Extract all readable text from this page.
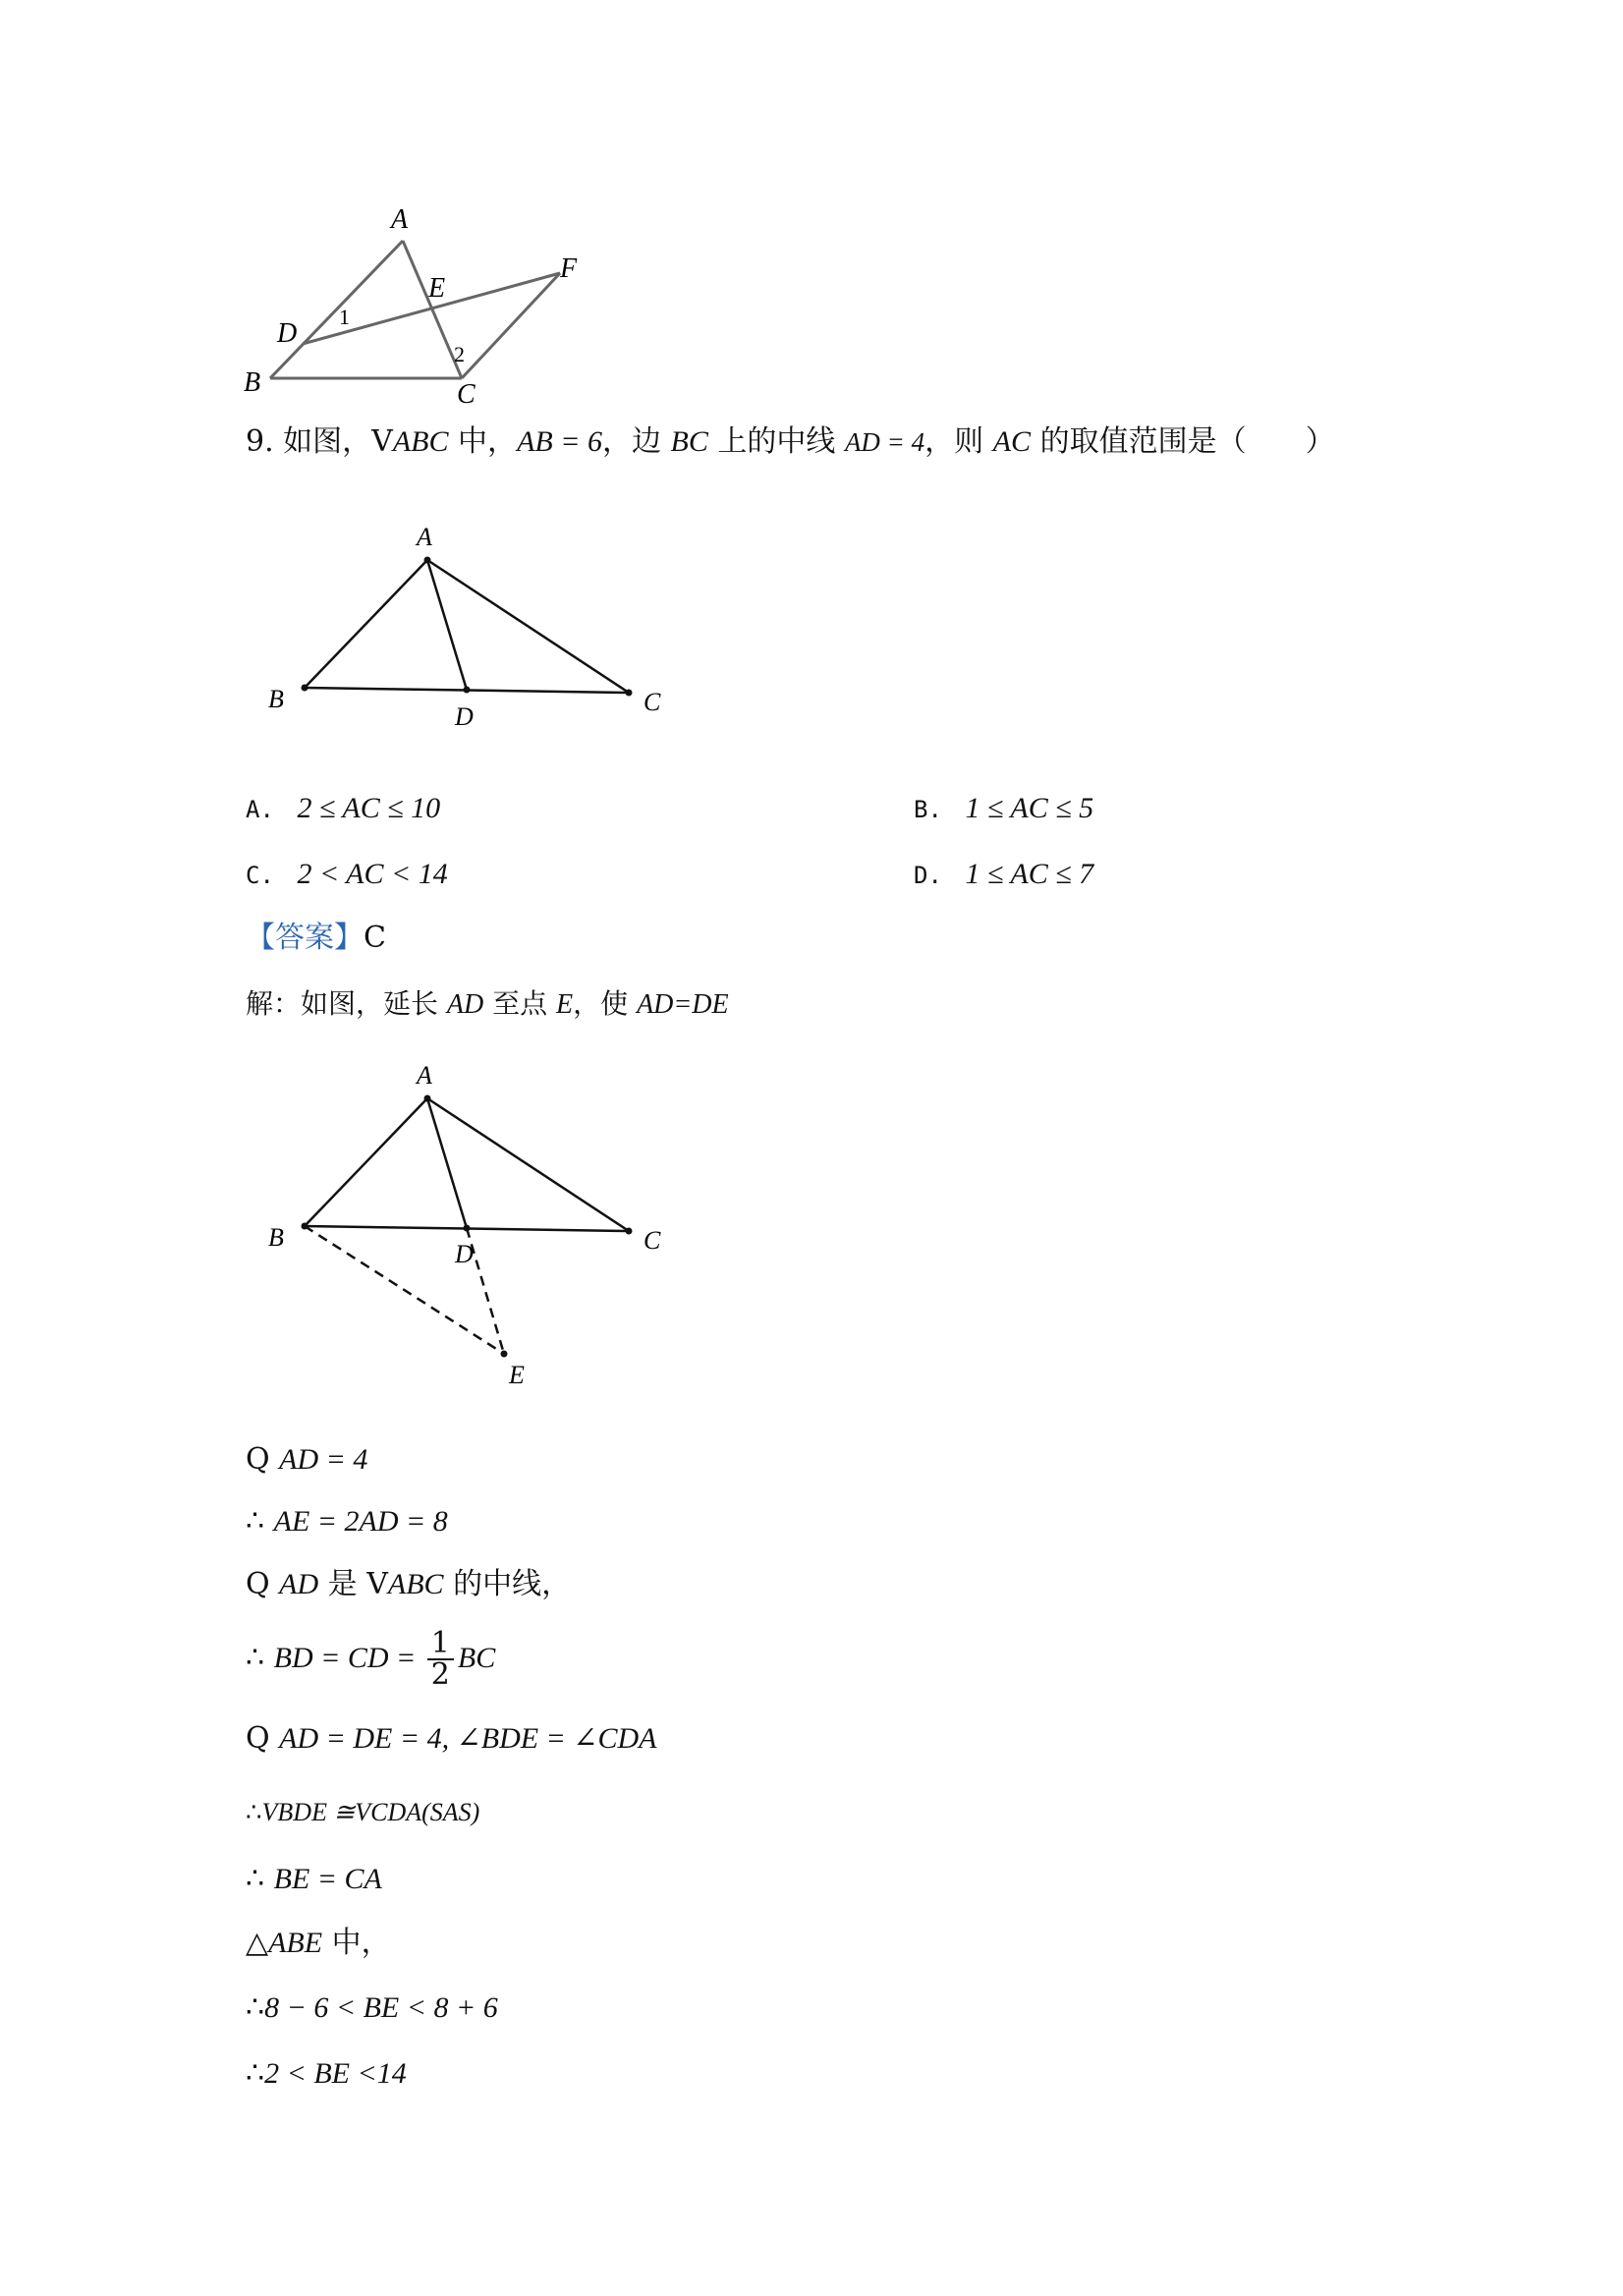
A
B	C
D
E
F
1
2
9. 如图，VABC 中，AB = 6，边 BC 上的中线 AD = 4，则 AC 的取值范围是（　　）
A
B	C
D
A. 2 ≤ AC ≤ 10	B. 1 ≤ AC ≤ 5
C. 2 < AC < 14	D. 1 ≤ AC ≤ 7
【答案】C
解：如图，延长 AD 至点 E，使 AD=DE
A
B	C
D
E
Q AD = 4
∴ AE = 2AD = 8
Q AD 是 VABC 的中线，
∴ BD = CD = $\frac{1}{2}$ BC
Q AD = DE = 4, ∠BDE = ∠CDA
∴VBDE ≅VCDA(SAS)
∴ BE = CA
△ABE 中，
∴8 − 6 < BE < 8 + 6
∴2 < BE <14
